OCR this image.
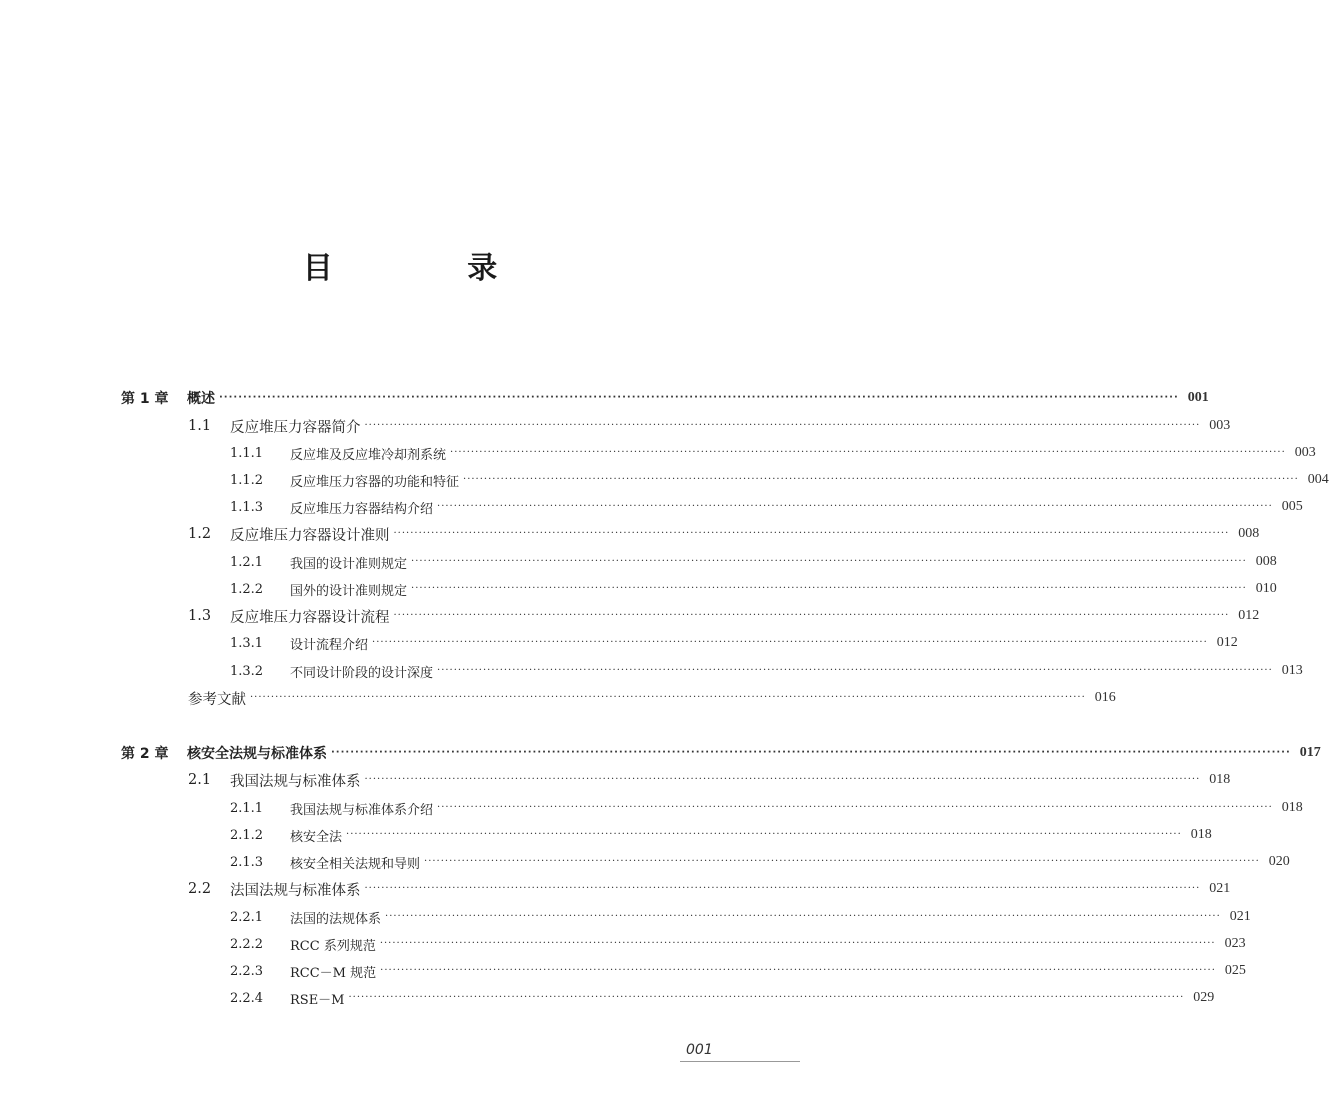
目 录
第 1 章	概述 ········································································································································································································ 001
1.1	反应堆压力容器简介 ········································································································································································································ 003
1.1.1	反应堆及反应堆冷却剂系统 ········································································································································································································ 003
1.1.2	反应堆压力容器的功能和特征 ········································································································································································································ 004
1.1.3	反应堆压力容器结构介绍 ········································································································································································································ 005
1.2	反应堆压力容器设计准则 ········································································································································································································ 008
1.2.1	我国的设计准则规定 ········································································································································································································ 008
1.2.2	国外的设计准则规定 ········································································································································································································ 010
1.3	反应堆压力容器设计流程 ········································································································································································································ 012
1.3.1	设计流程介绍 ········································································································································································································ 012
1.3.2	不同设计阶段的设计深度 ········································································································································································································ 013
参考文献 ········································································································································································································ 016
第 2 章	核安全法规与标准体系 ········································································································································································································ 017
2.1	我国法规与标准体系 ········································································································································································································ 018
2.1.1	我国法规与标准体系介绍 ········································································································································································································ 018
2.1.2	核安全法 ········································································································································································································ 018
2.1.3	核安全相关法规和导则 ········································································································································································································ 020
2.2	法国法规与标准体系 ········································································································································································································ 021
2.2.1	法国的法规体系 ········································································································································································································ 021
2.2.2	RCC 系列规范 ········································································································································································································ 023
2.2.3	RCC－M 规范 ········································································································································································································ 025
2.2.4	RSE－M ········································································································································································································ 029
001
